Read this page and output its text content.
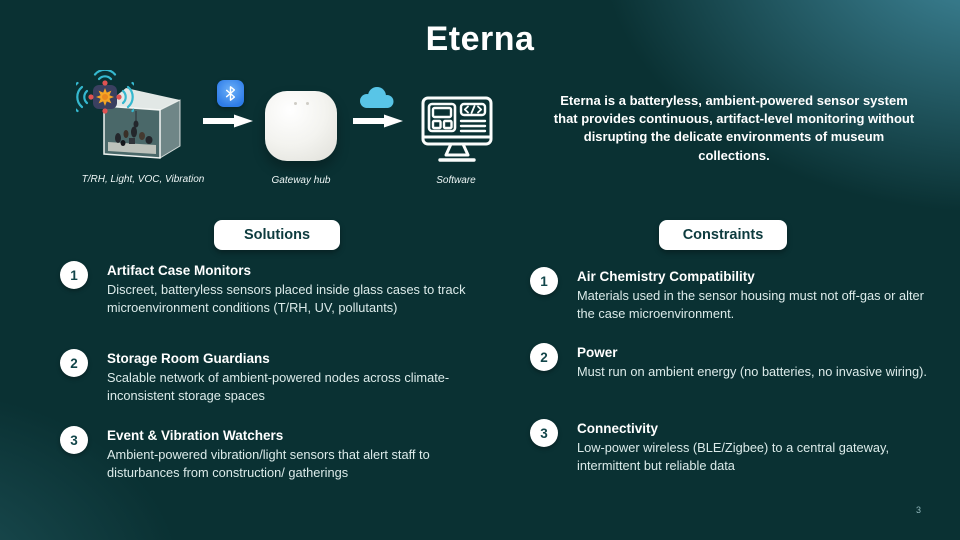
Eterna
T/RH, Light, VOC, Vibration	Gateway hub	Software
Eterna is a batteryless, ambient-powered sensor system that provides continuous, artifact-level monitoring without disrupting the delicate environments of museum collections.
Solutions	Constraints
1	Artifact Case Monitors
Discreet, batteryless sensors placed inside glass cases to track microenvironment conditions (T/RH, UV, pollutants)
2	Storage Room Guardians
Scalable network of ambient-powered nodes across climate-inconsistent storage spaces
3	Event & Vibration Watchers
Ambient-powered vibration/light sensors that alert staff to disturbances from construction/ gatherings
1	Air Chemistry Compatibility
Materials used in the sensor housing must not off-gas or alter the case microenvironment.
2	Power
Must run on ambient energy (no batteries, no invasive wiring).
3	Connectivity
Low-power wireless (BLE/Zigbee) to a central gateway, intermittent but reliable data
3
